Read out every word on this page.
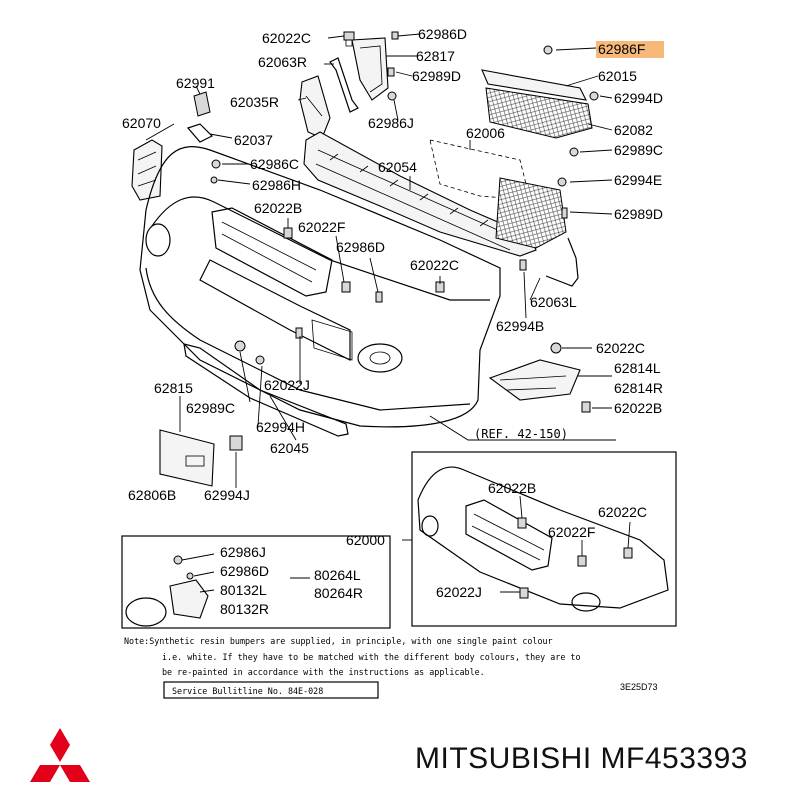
62022C	62986D
62817
62063R
62989D
62991
62035R
62986J
62070
62037
62986C
62986H
62022B
62022F
62986D
62054
62006
62022C
62063L
62994B
62986F
62015
62994D
62082
62989C
62994E
62989D
62022C
62814L
62814R
62022B
62815
62989C
62022J
62994H
62045
62806B 62994J
62000
62022B
62022C
62022F
62022J
62986J
62986D
80132L
80132R
80264L
80264R
(REF. 42-150)
Note:Synthetic resin bumpers are supplied, in principle, with one single paint colour
i.e. white. If they have to be matched with the different body colours, they are to
be re-painted in accordance with the instructions as applicable.
Service Bullitline No. 84E-028	3E25D73
MITSUBISHI MF453393
